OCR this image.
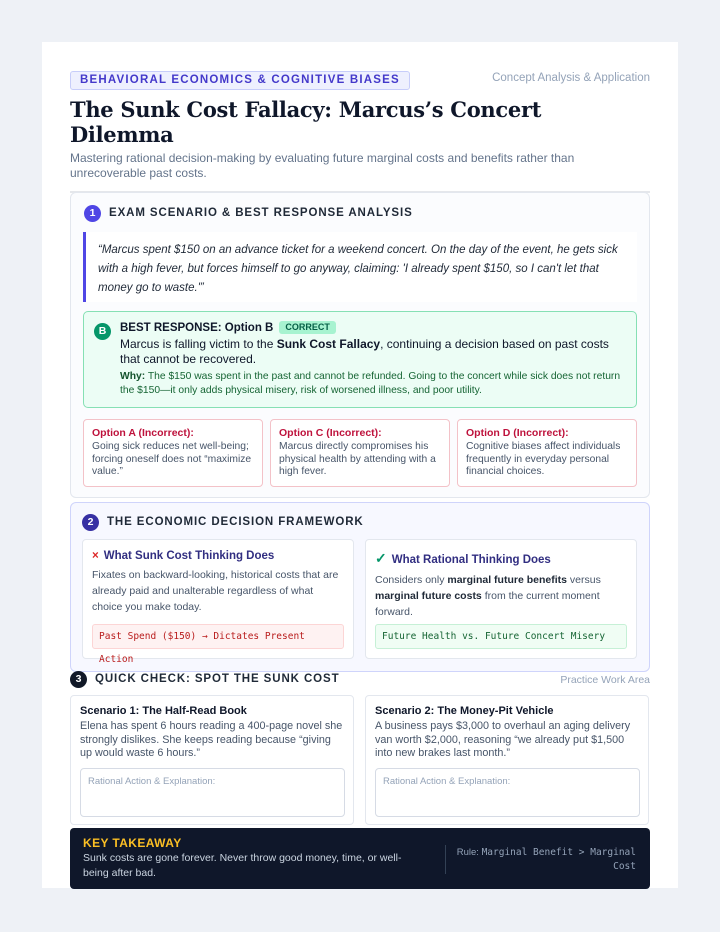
BEHAVIORAL ECONOMICS & COGNITIVE BIASES	Concept Analysis & Application
The Sunk Cost Fallacy: Marcus’s Concert Dilemma
Mastering rational decision-making by evaluating future marginal costs and benefits rather than unrecoverable past costs.
1	EXAM SCENARIO & BEST RESPONSE ANALYSIS
“Marcus spent $150 on an advance ticket for a weekend concert. On the day of the event, he gets sick with a high fever, but forces himself to go anyway, claiming: 'I already spent $150, so I can't let that money go to waste.'”
B	BEST RESPONSE: Option B CORRECT
Marcus is falling victim to the Sunk Cost Fallacy, continuing a decision based on past costs that cannot be recovered.
Why: The $150 was spent in the past and cannot be refunded. Going to the concert while sick does not return the $150—it only adds physical misery, risk of worsened illness, and poor utility.
Option A (Incorrect):
Going sick reduces net well-being; forcing oneself does not “maximize value.”
Option C (Incorrect):
Marcus directly compromises his physical health by attending with a high fever.
Option D (Incorrect):
Cognitive biases affect individuals frequently in everyday personal financial choices.
2	THE ECONOMIC DECISION FRAMEWORK
× What Sunk Cost Thinking Does
Fixates on backward-looking, historical costs that are already paid and unalterable regardless of what choice you make today.
Past Spend ($150) → Dictates Present Action
✓ What Rational Thinking Does
Considers only marginal future benefits versus marginal future costs from the current moment forward.
Future Health vs. Future Concert Misery
3	QUICK CHECK: SPOT THE SUNK COST	Practice Work Area
Scenario 1: The Half-Read Book
Elena has spent 6 hours reading a 400-page novel she strongly dislikes. She keeps reading because “giving up would waste 6 hours.”
Rational Action & Explanation:
Scenario 2: The Money-Pit Vehicle
A business pays $3,000 to overhaul an aging delivery van worth $2,000, reasoning “we already put $1,500 into new brakes last month.”
Rational Action & Explanation:
KEY TAKEAWAY
Sunk costs are gone forever. Never throw good money, time, or well-being after bad.
Rule: Marginal Benefit > Marginal Cost
